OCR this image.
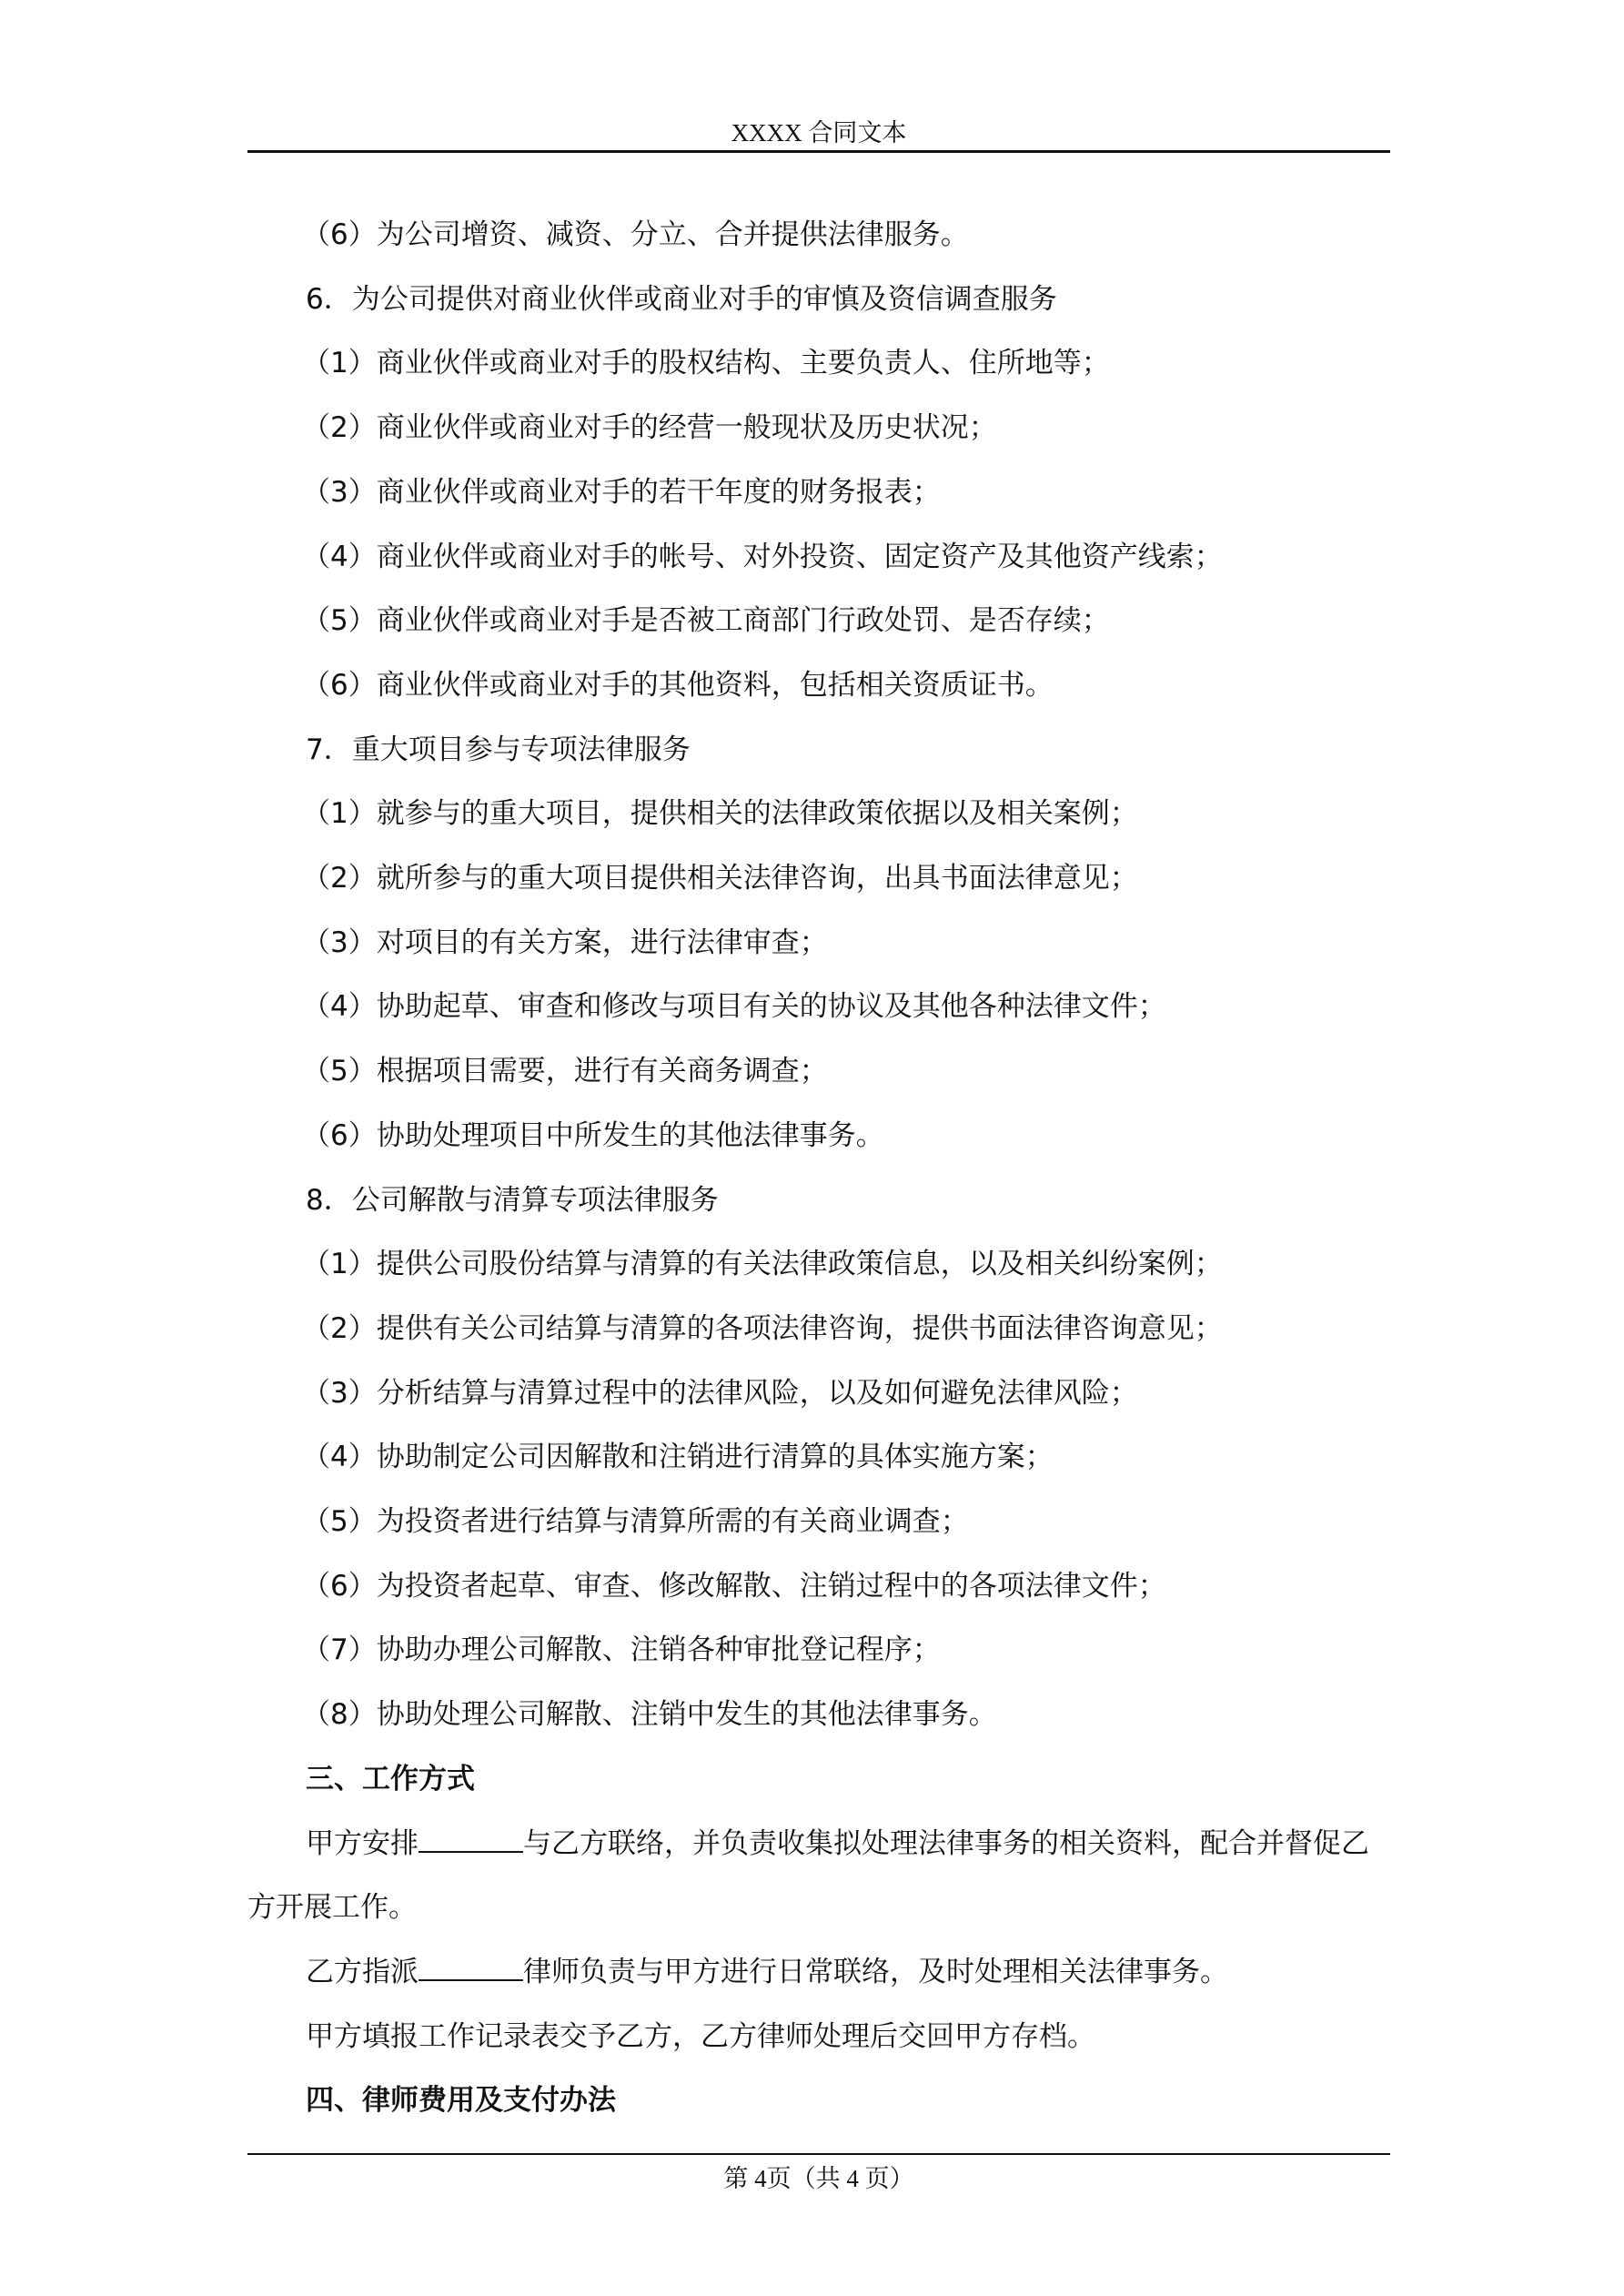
XXXX 合同文本
（6）为公司增资、减资、分立、合并提供法律服务。
6．为公司提供对商业伙伴或商业对手的审慎及资信调查服务
（1）商业伙伴或商业对手的股权结构、主要负责人、住所地等；
（2）商业伙伴或商业对手的经营一般现状及历史状况；
（3）商业伙伴或商业对手的若干年度的财务报表；
（4）商业伙伴或商业对手的帐号、对外投资、固定资产及其他资产线索；
（5）商业伙伴或商业对手是否被工商部门行政处罚、是否存续；
（6）商业伙伴或商业对手的其他资料，包括相关资质证书。
7．重大项目参与专项法律服务
（1）就参与的重大项目，提供相关的法律政策依据以及相关案例；
（2）就所参与的重大项目提供相关法律咨询，出具书面法律意见；
（3）对项目的有关方案，进行法律审查；
（4）协助起草、审查和修改与项目有关的协议及其他各种法律文件；
（5）根据项目需要，进行有关商务调查；
（6）协助处理项目中所发生的其他法律事务。
8．公司解散与清算专项法律服务
（1）提供公司股份结算与清算的有关法律政策信息，以及相关纠纷案例；
（2）提供有关公司结算与清算的各项法律咨询，提供书面法律咨询意见；
（3）分析结算与清算过程中的法律风险，以及如何避免法律风险；
（4）协助制定公司因解散和注销进行清算的具体实施方案；
（5）为投资者进行结算与清算所需的有关商业调查；
（6）为投资者起草、审查、修改解散、注销过程中的各项法律文件；
（7）协助办理公司解散、注销各种审批登记程序；
（8）协助处理公司解散、注销中发生的其他法律事务。
三、工作方式
甲方安排	与乙方联络，并负责收集拟处理法律事务的相关资料，配合并督促乙
方开展工作。
乙方指派	律师负责与甲方进行日常联络，及时处理相关法律事务。
甲方填报工作记录表交予乙方，乙方律师处理后交回甲方存档。
四、律师费用及支付办法
第 4页（共 4 页）
